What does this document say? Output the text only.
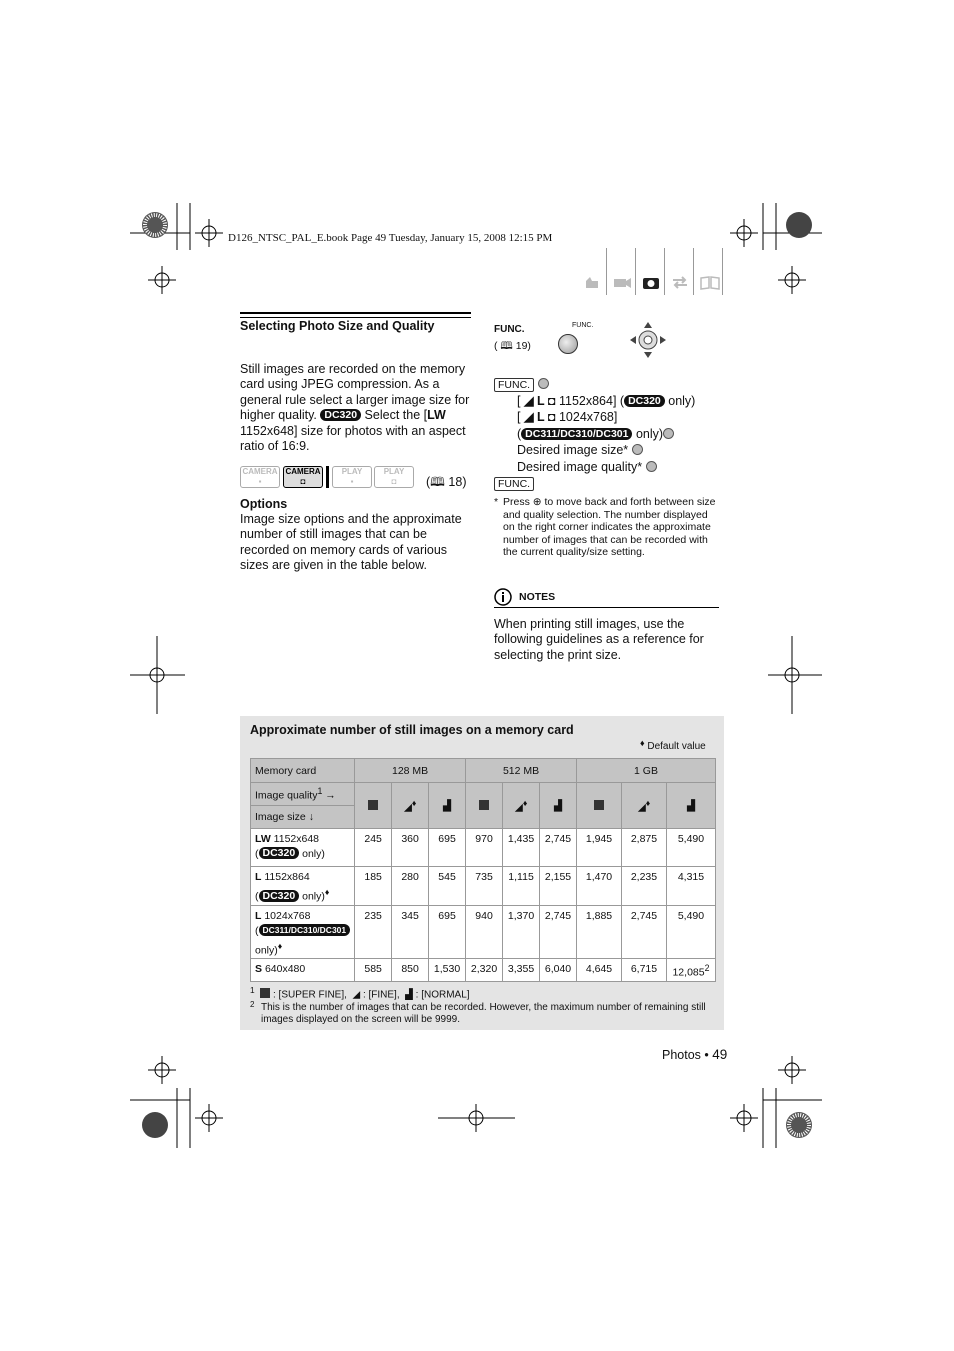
D126_NTSC_PAL_E.book Page 49 Tuesday, January 15, 2008 12:15 PM
Selecting Photo Size and Quality
Still images are recorded on the memory card using JPEG compression. As a general rule select a larger image size for higher quality. DC320 Select the [LW 1152x648] size for photos with an aspect ratio of 16:9.
CAMERA
▪
CAMERA
◘
PLAY
▪
PLAY
◘	(🕮 18)
Options
Image size options and the approximate number of still images that can be recorded on memory cards of various sizes are given in the table below.
FUNC.
( 🕮 19)
FUNC.
FUNC.
[ ◢ L ◘ 1152x864] ( DC320 only)
[ ◢ L ◘ 1024x768]
( DC311/DC310/DC301 only)
Desired image size*
Desired image quality*
FUNC.
* Press ⊕ to move back and forth between size and quality selection. The number displayed on the right corner indicates the approximate number of images that can be recorded with the current quality/size setting.
NOTES
When printing still images, use the following guidelines as a reference for selecting the print size.
Approximate number of still images on a memory card
♦ Default value
Memory card	128 MB			512 MB			1 GB		
Image quality$^1$ →		◢♦	▟		◢♦	▟		◢♦	▟
Image size ↓									
LW 1152x648
( DC320 only)	245	360	695	970	1,435	2,745	1,945	2,875	5,490
L 1152x864
( DC320 only)♦	185	280	545	735	1,115	2,155	1,470	2,235	4,315
L 1024x768
( DC311/DC310/DC301
only)♦	235	345	695	940	1,370	2,745	1,885	2,745	5,490
S 640x480	585	850	1,530	2,320	3,355	6,040	4,645	6,715	12,085$^2$
$^1$ : [SUPER FINE], ◢ : [FINE], ▟ : [NORMAL]
2 This is the number of images that can be recorded. However, the maximum number of remaining still images displayed on the screen will be 9999.
Photos • 49
